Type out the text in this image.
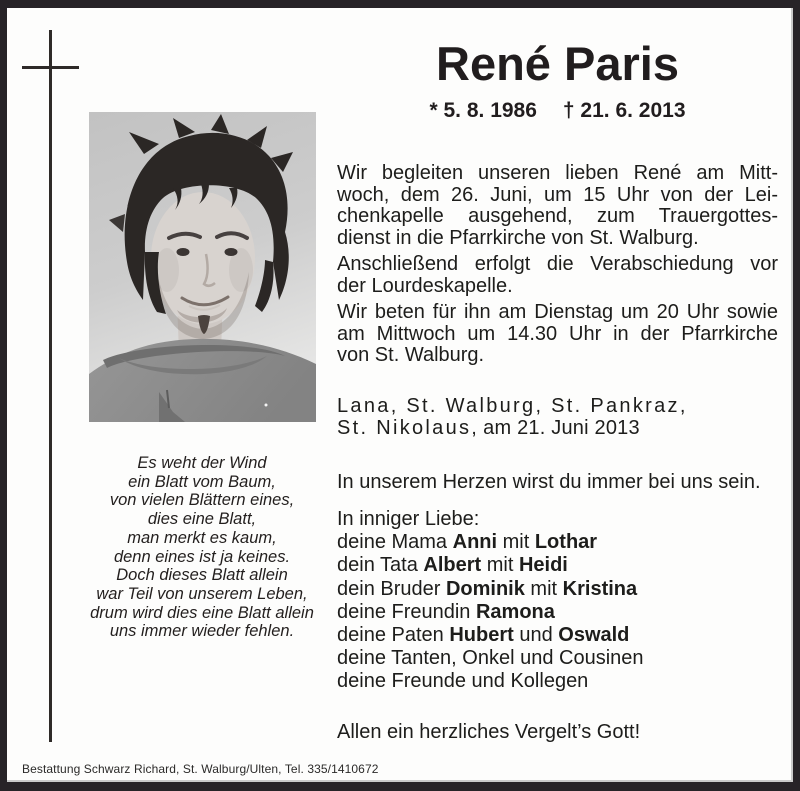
Es weht der Wind
ein Blatt vom Baum,
von vielen Blättern eines,
dies eine Blatt,
man merkt es kaum,
denn eines ist ja keines.
Doch dieses Blatt allein
war Teil von unserem Leben,
drum wird dies eine Blatt allein
uns immer wieder fehlen.
René Paris
* 5. 8. 1986 † 21. 6. 2013
Wir begleiten unseren lieben René am Mitt-
woch, dem 26. Juni, um 15 Uhr von der Lei-
chenkapelle ausgehend, zum Trauergottes-
dienst in die Pfarrkirche von St. Walburg.
Anschließend erfolgt die Verabschiedung vor
der Lourdeskapelle.
Wir beten für ihn am Dienstag um 20 Uhr sowie
am Mittwoch um 14.30 Uhr in der Pfarrkirche
von St. Walburg.
Lana, St. Walburg, St. Pankraz,
St. Nikolaus, am 21. Juni 2013
In unserem Herzen wirst du immer bei uns sein.
In inniger Liebe:
deine Mama Anni mit Lothar
dein Tata Albert mit Heidi
dein Bruder Dominik mit Kristina
deine Freundin Ramona
deine Paten Hubert und Oswald
deine Tanten, Onkel und Cousinen
deine Freunde und Kollegen
Allen ein herzliches Vergelt’s Gott!
Bestattung Schwarz Richard, St. Walburg/Ulten, Tel. 335/1410672
